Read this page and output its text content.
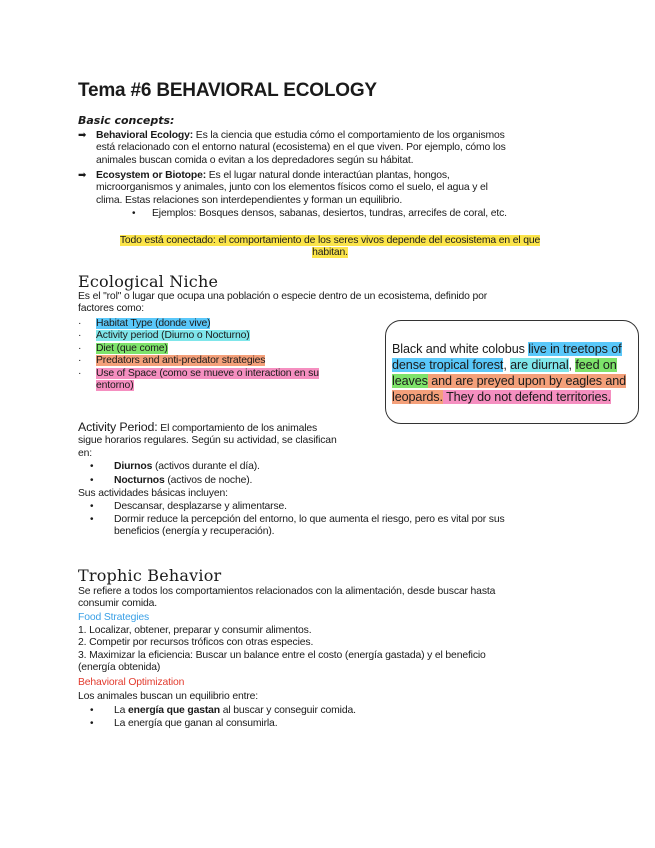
Tema #6 BEHAVIORAL ECOLOGY
Basic concepts:
➡ Behavioral Ecology: Es la ciencia que estudia cómo el comportamiento de los organismos
está relacionado con el entorno natural (ecosistema) en el que viven. Por ejemplo, cómo los
animales buscan comida o evitan a los depredadores según su hábitat.
➡ Ecosystem or Biotope: Es el lugar natural donde interactúan plantas, hongos,
microorganismos y animales, junto con los elementos físicos como el suelo, el agua y el
clima. Estas relaciones son interdependientes y forman un equilibrio.
• Ejemplos: Bosques densos, sabanas, desiertos, tundras, arrecifes de coral, etc.
Todo está conectado: el comportamiento de los seres vivos depende del ecosistema en el que
habitan.
Ecological Niche
Es el "rol" o lugar que ocupa una población o especie dentro de un ecosistema, definido por
factores como:
· Habitat Type (donde vive)
· Activity period (Diurno o Nocturno)
· Diet (que come)
· Predators and anti-predator strategies
· Use of Space (como se mueve o interaction en su
entorno)
Black and white colobus live in treetops of dense tropical forest, are diurnal, feed on leaves and are preyed upon by eagles and leopards. They do not defend territories.
Activity Period: El comportamiento de los animales
sigue horarios regulares. Según su actividad, se clasifican
en:
• Diurnos (activos durante el día).
• Nocturnos (activos de noche).
Sus actividades básicas incluyen:
• Descansar, desplazarse y alimentarse.
• Dormir reduce la percepción del entorno, lo que aumenta el riesgo, pero es vital por sus
beneficios (energía y recuperación).
Trophic Behavior
Se refiere a todos los comportamientos relacionados con la alimentación, desde buscar hasta
consumir comida.
Food Strategies
1. Localizar, obtener, preparar y consumir alimentos.
2. Competir por recursos tróficos con otras especies.
3. Maximizar la eficiencia: Buscar un balance entre el costo (energía gastada) y el beneficio
(energía obtenida)
Behavioral Optimization
Los animales buscan un equilibrio entre:
• La energía que gastan al buscar y conseguir comida.
• La energía que ganan al consumirla.
